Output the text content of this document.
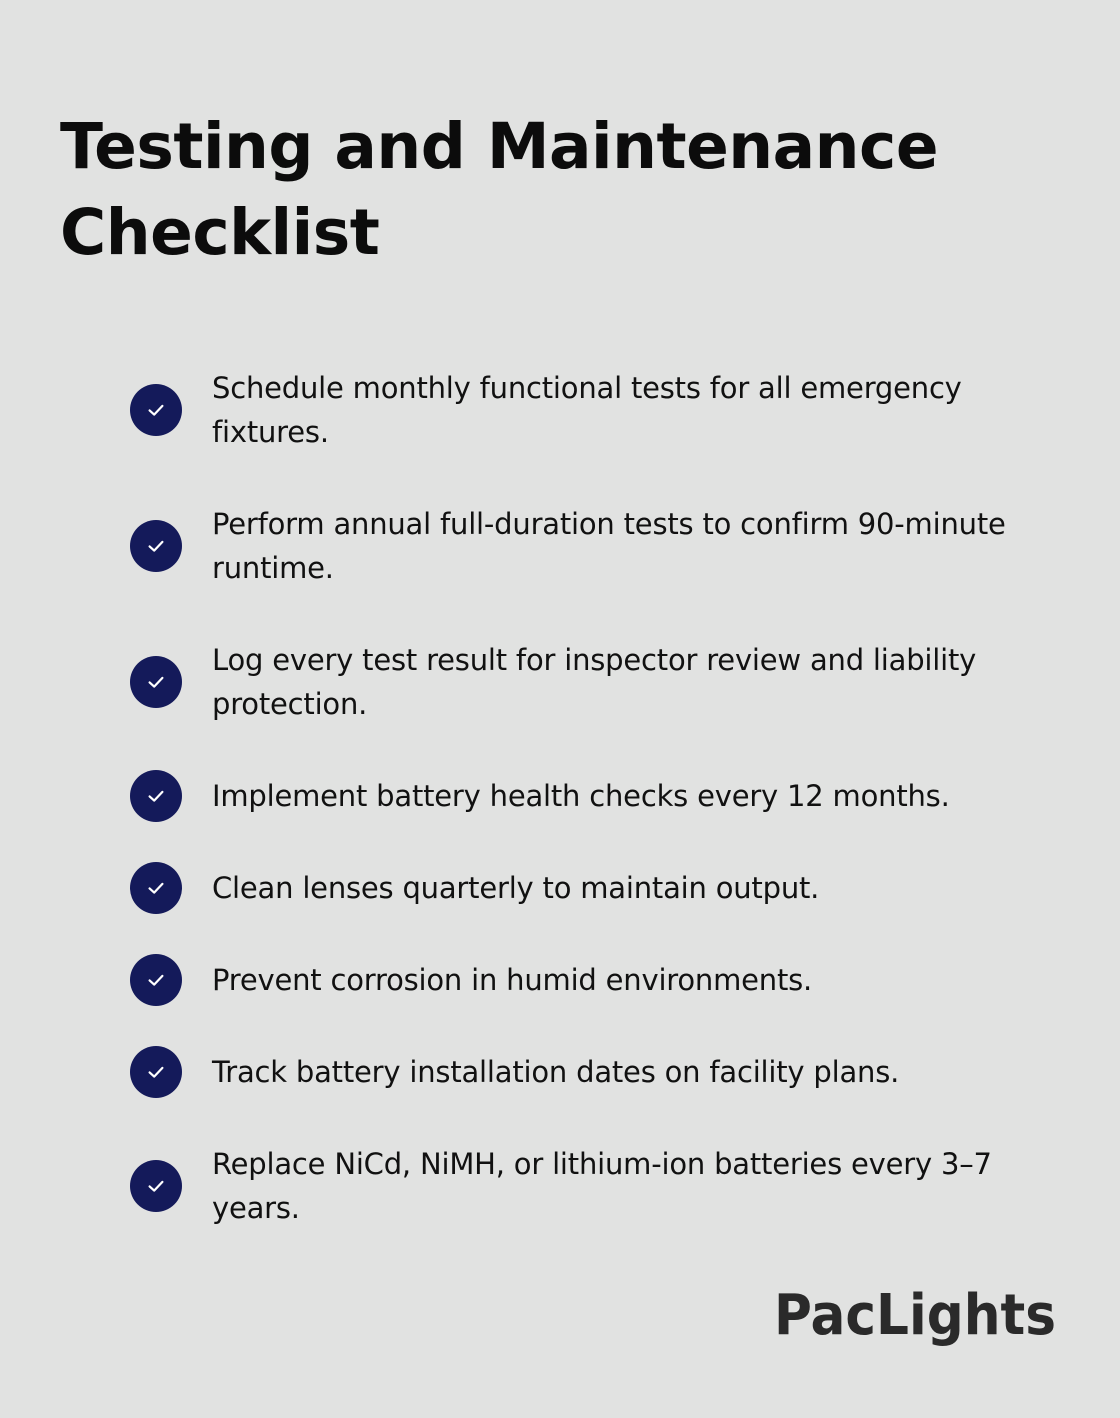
Testing and Maintenance Checklist
Schedule monthly functional tests for all emergency fixtures.
Perform annual full-duration tests to confirm 90-minute runtime.
Log every test result for inspector review and liability protection.
Implement battery health checks every 12 months.
Clean lenses quarterly to maintain output.
Prevent corrosion in humid environments.
Track battery installation dates on facility plans.
Replace NiCd, NiMH, or lithium-ion batteries every 3–7 years.
PacLights
